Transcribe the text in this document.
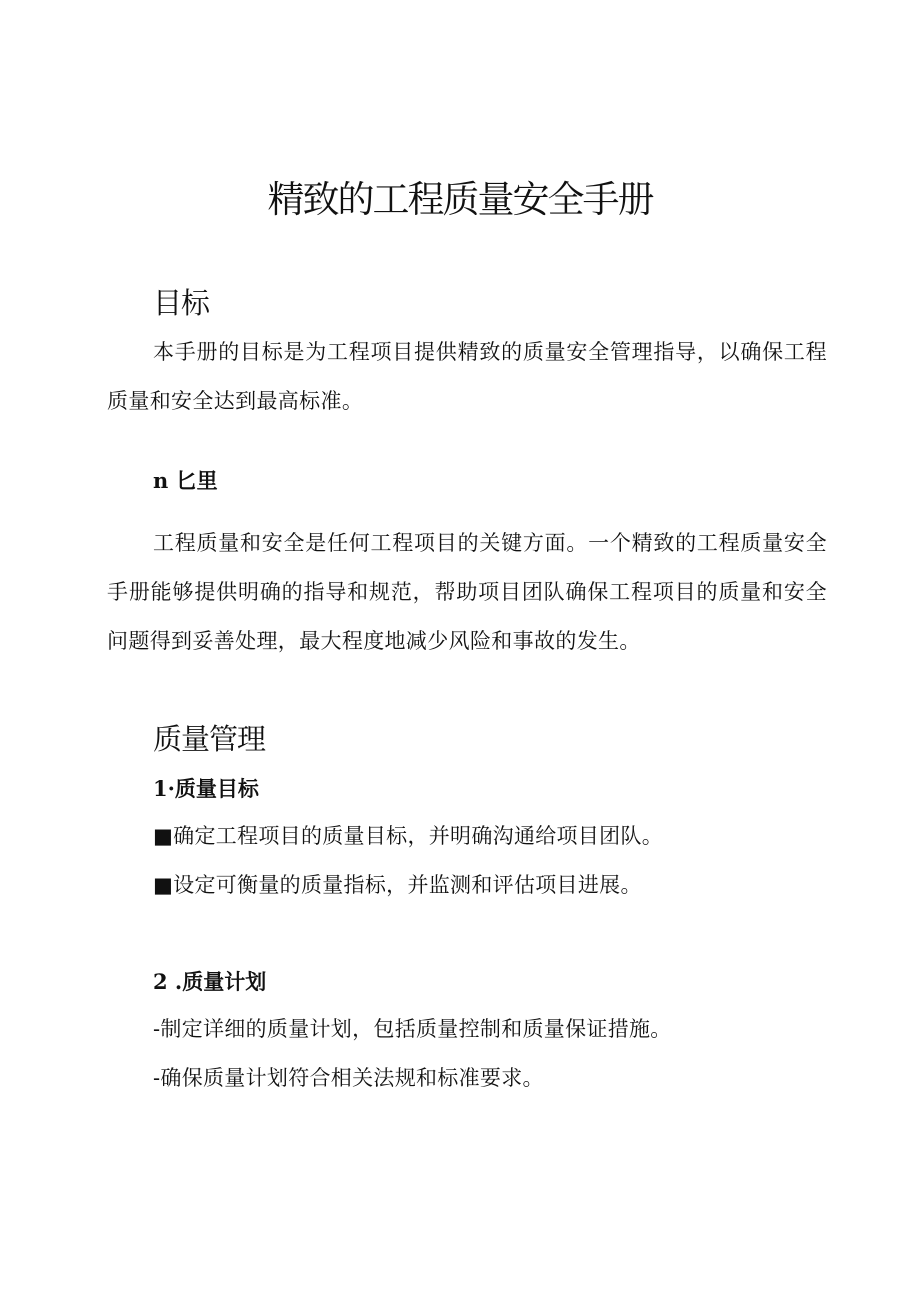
精致的工程质量安全手册
目标

本手册的目标是为工程项目提供精致的质量安全管理指导，以确保工程质量和安全达到最高标准。

n 匕里

工程质量和安全是任何工程项目的关键方面。一个精致的工程质量安全手册能够提供明确的指导和规范，帮助项目团队确保工程项目的质量和安全问题得到妥善处理，最大程度地减少风险和事故的发生。

质量管理
1·质量目标

■确定工程项目的质量目标，并明确沟通给项目团队。

■设定可衡量的质量指标，并监测和评估项目进展。

2 .质量计划

-制定详细的质量计划，包括质量控制和质量保证措施。

-确保质量计划符合相关法规和标准要求。
